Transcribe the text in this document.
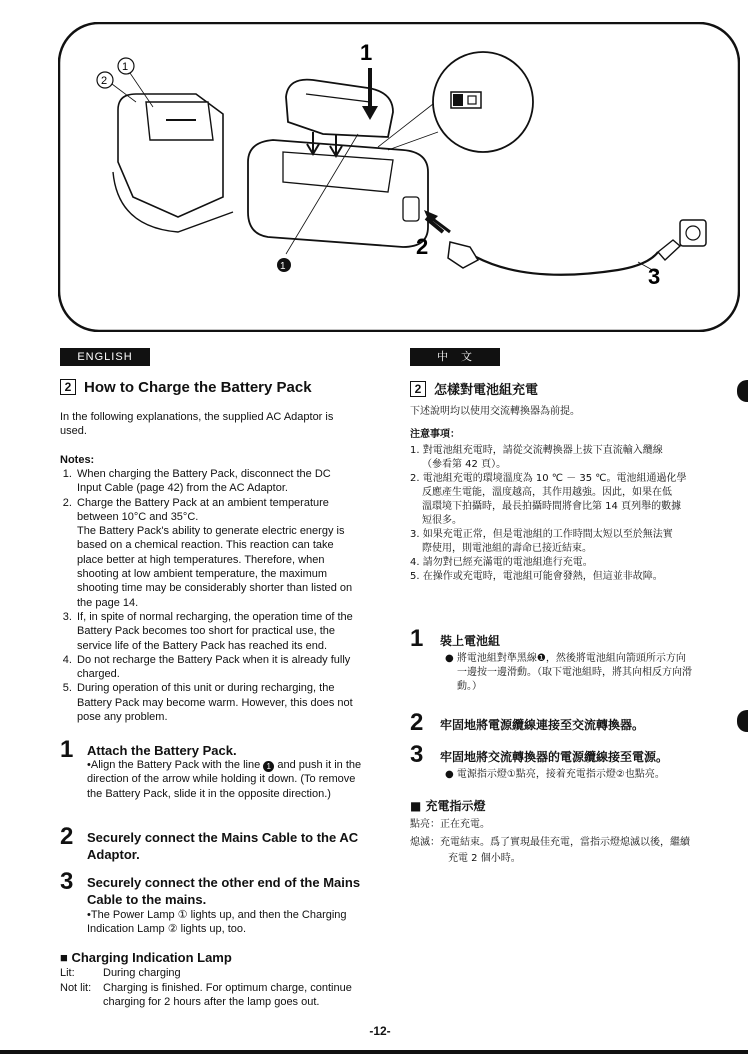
1
2
1
1
2
3
ENGLISH	中　文
2 How to Charge the Battery Pack
In the following explanations, the supplied AC Adaptor is used.
Notes:
1. When charging the Battery Pack, disconnect the DC Input Cable (page 42) from the AC Adaptor.
2. Charge the Battery Pack at an ambient temperature between 10°C and 35°C.
The Battery Pack's ability to generate electric energy is based on a chemical reaction. This reaction can take place better at high temperatures. Therefore, when shooting at low ambient temperature, the maximum shooting time may be considerably shorter than listed on the page 14.
3. If, in spite of normal recharging, the operation time of the Battery Pack becomes too short for practical use, the service life of the Battery Pack has reached its end.
4. Do not recharge the Battery Pack when it is already fully charged.
5. During operation of this unit or during recharging, the Battery Pack may become warm. However, this does not pose any problem.
1 Attach the Battery Pack.
•Align the Battery Pack with the line 1 and push it in the direction of the arrow while holding it down. (To remove the Battery Pack, slide it in the opposite direction.)
2 Securely connect the Mains Cable to the AC Adaptor.
3 Securely connect the other end of the Mains Cable to the mains.
•The Power Lamp ① lights up, and then the Charging Indication Lamp ② lights up, too.
■ Charging Indication Lamp
Lit:	During charging
Not lit: Charging is finished. For optimum charge, continue charging for 2 hours after the lamp goes out.
2 怎樣對電池組充電
下述說明均以使用交流轉換器為前提。
注意事項：
1. 對電池組充電時，請從交流轉換器上拔下直流輸入纜線
（參看第 42 頁）。
2. 電池組充電的環境溫度為 10 ℃ － 35 ℃。電池組通過化學
反應產生電能，溫度越高，其作用越強。因此，如果在低
溫環境下拍攝時，最長拍攝時間將會比第 14 頁列舉的數據
短很多。
3. 如果充電正常，但是電池組的工作時間太短以至於無法實
際使用，則電池組的壽命已接近結束。
4. 請勿對已經充滿電的電池組進行充電。
5. 在操作或充電時，電池組可能會發熱，但這並非故障。
1 裝上電池組
● 將電池組對準黑線❶，然後將電池組向箭頭所示方向
一邊按一邊滑動。（取下電池組時，將其向相反方向滑
動。）
2 牢固地將電源纜線連接至交流轉換器。
3 牢固地將交流轉換器的電源纜線接至電源。
● 電源指示燈①點亮，接着充電指示燈②也點亮。
■ 充電指示燈
點亮：正在充電。
熄滅：充電結束。爲了實現最佳充電，當指示燈熄滅以後，繼續
充電 2 個小時。
-12-
